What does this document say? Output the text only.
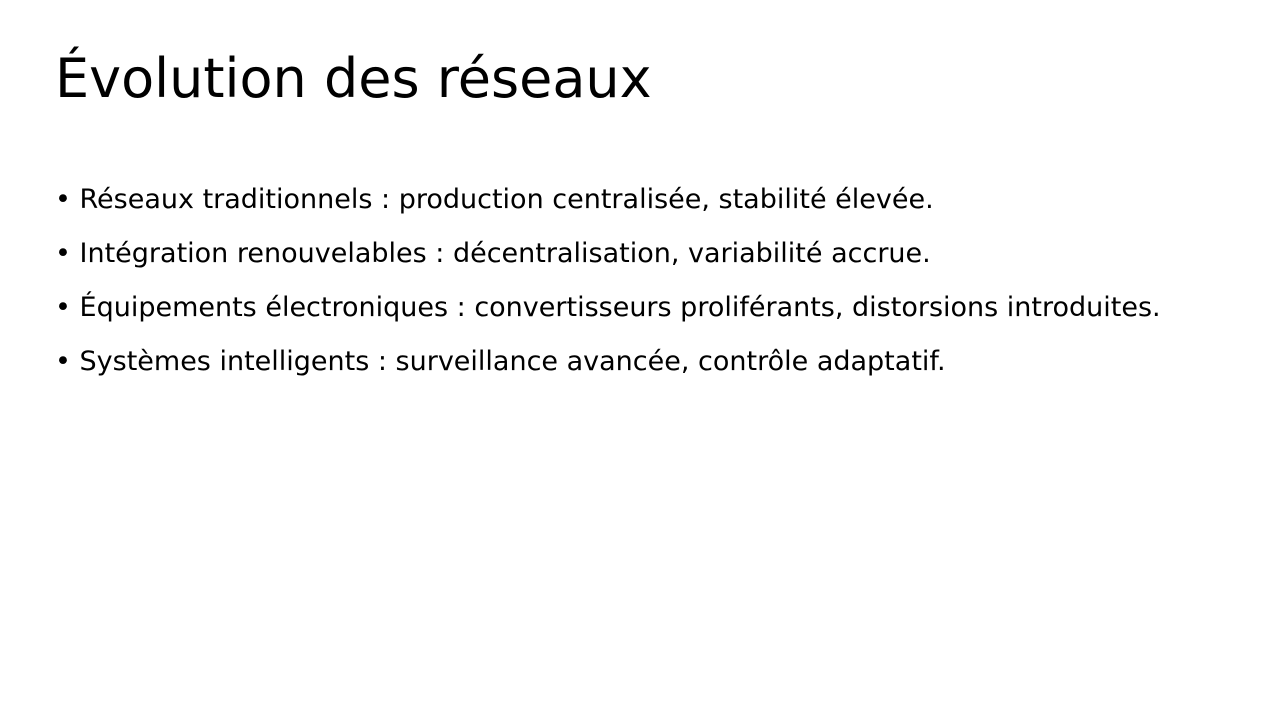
Évolution des réseaux

• Réseaux traditionnels : production centralisée, stabilité élevée.

• Intégration renouvelables : décentralisation, variabilité accrue.

• Équipements électroniques : convertisseurs proliférants, distorsions introduites.

• Systèmes intelligents : surveillance avancée, contrôle adaptatif.
